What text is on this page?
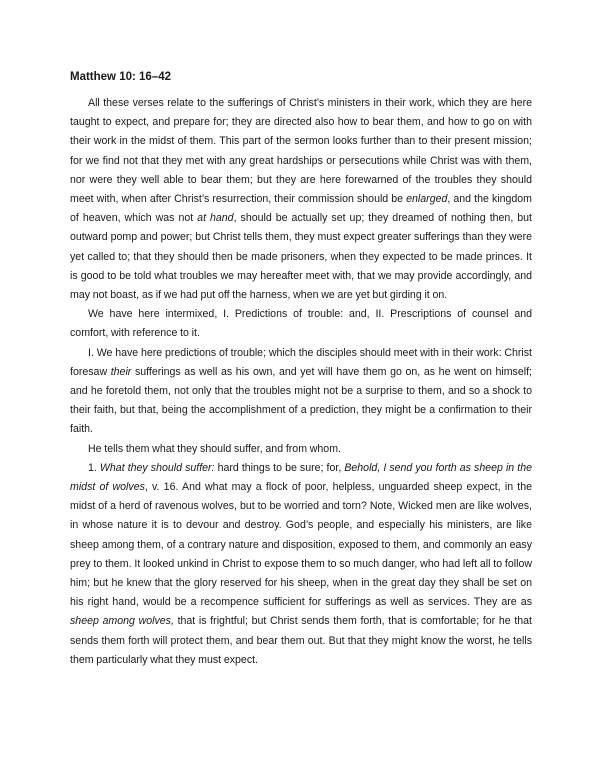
Matthew 10: 16–42

All these verses relate to the sufferings of Christ’s ministers in their work, which they are here taught to expect, and prepare for; they are directed also how to bear them, and how to go on with their work in the midst of them. This part of the sermon looks further than to their present mission; for we find not that they met with any great hardships or persecutions while Christ was with them, nor were they well able to bear them; but they are here forewarned of the troubles they should meet with, when after Christ’s resurrection, their commission should be enlarged, and the kingdom of heaven, which was not at hand, should be actually set up; they dreamed of nothing then, but outward pomp and power; but Christ tells them, they must expect greater sufferings than they were yet called to; that they should then be made prisoners, when they expected to be made princes. It is good to be told what troubles we may hereafter meet with, that we may provide accordingly, and may not boast, as if we had put off the harness, when we are yet but girding it on.

We have here intermixed, I. Predictions of trouble: and, II. Prescriptions of counsel and comfort, with reference to it.

I. We have here predictions of trouble; which the disciples should meet with in their work: Christ foresaw their sufferings as well as his own, and yet will have them go on, as he went on himself; and he foretold them, not only that the troubles might not be a surprise to them, and so a shock to their faith, but that, being the accomplishment of a prediction, they might be a confirmation to their faith.

He tells them what they should suffer, and from whom.

1. What they should suffer: hard things to be sure; for, Behold, I send you forth as sheep in the midst of wolves, v. 16. And what may a flock of poor, helpless, unguarded sheep expect, in the midst of a herd of ravenous wolves, but to be worried and torn? Note, Wicked men are like wolves, in whose nature it is to devour and destroy. God’s people, and especially his ministers, are like sheep among them, of a contrary nature and disposition, exposed to them, and commonly an easy prey to them. It looked unkind in Christ to expose them to so much danger, who had left all to follow him; but he knew that the glory reserved for his sheep, when in the great day they shall be set on his right hand, would be a recompence sufficient for sufferings as well as services. They are as sheep among wolves, that is frightful; but Christ sends them forth, that is comfortable; for he that sends them forth will protect them, and bear them out. But that they might know the worst, he tells them particularly what they must expect.
